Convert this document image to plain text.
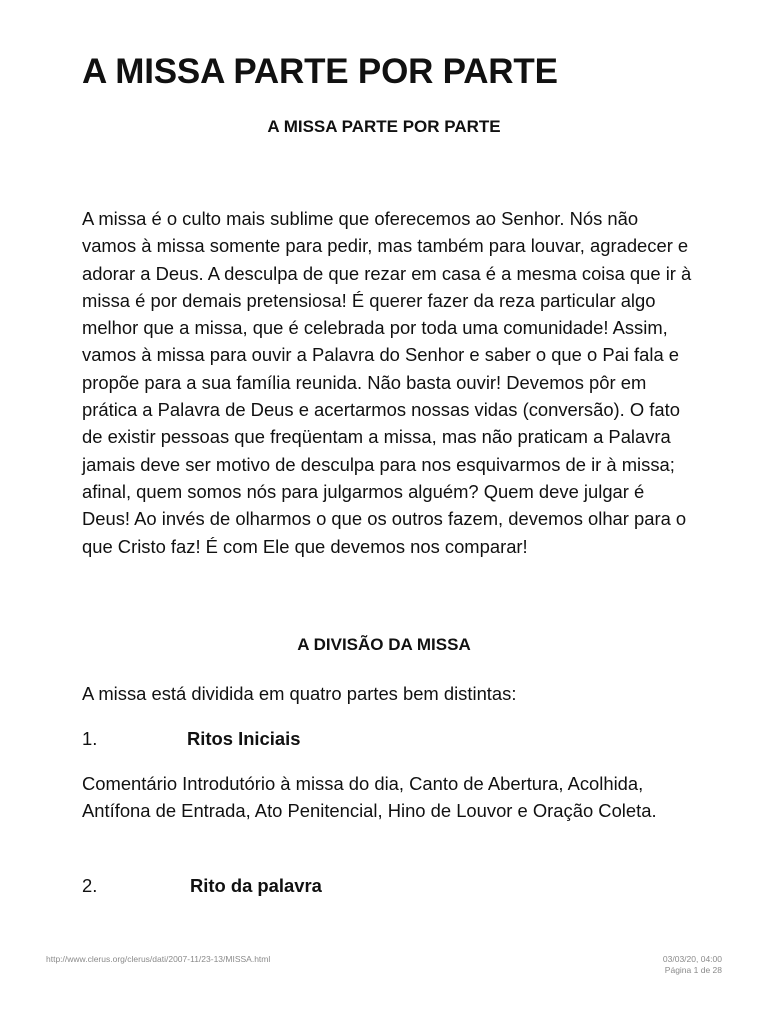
A MISSA PARTE POR PARTE
A MISSA PARTE POR PARTE

A missa é o culto mais sublime que oferecemos ao Senhor. Nós não vamos à missa somente para pedir, mas também para louvar, agradecer e adorar a Deus. A desculpa de que rezar em casa é a mesma coisa que ir à missa é por demais pretensiosa! É querer fazer da reza particular algo melhor que a missa, que é celebrada por toda uma comunidade! Assim, vamos à missa para ouvir a Palavra do Senhor e saber o que o Pai fala e propõe para a sua família reunida. Não basta ouvir! Devemos pôr em prática a Palavra de Deus e acertarmos nossas vidas (conversão). O fato de existir pessoas que freqüentam a missa, mas não praticam a Palavra jamais deve ser motivo de desculpa para nos esquivarmos de ir à missa; afinal, quem somos nós para julgarmos alguém? Quem deve julgar é Deus! Ao invés de olharmos o que os outros fazem, devemos olhar para o que Cristo faz! É com Ele que devemos nos comparar!

A DIVISÃO DA MISSA

A missa está dividida em quatro partes bem distintas:

1.	Ritos Iniciais

Comentário Introdutório à missa do dia, Canto de Abertura, Acolhida, Antífona de Entrada, Ato Penitencial, Hino de Louvor e Oração Coleta.

2.	Rito da palavra
http://www.clerus.org/clerus/dati/2007-11/23-13/MISSA.html	03/03/20, 04:00
Página 1 de 28
